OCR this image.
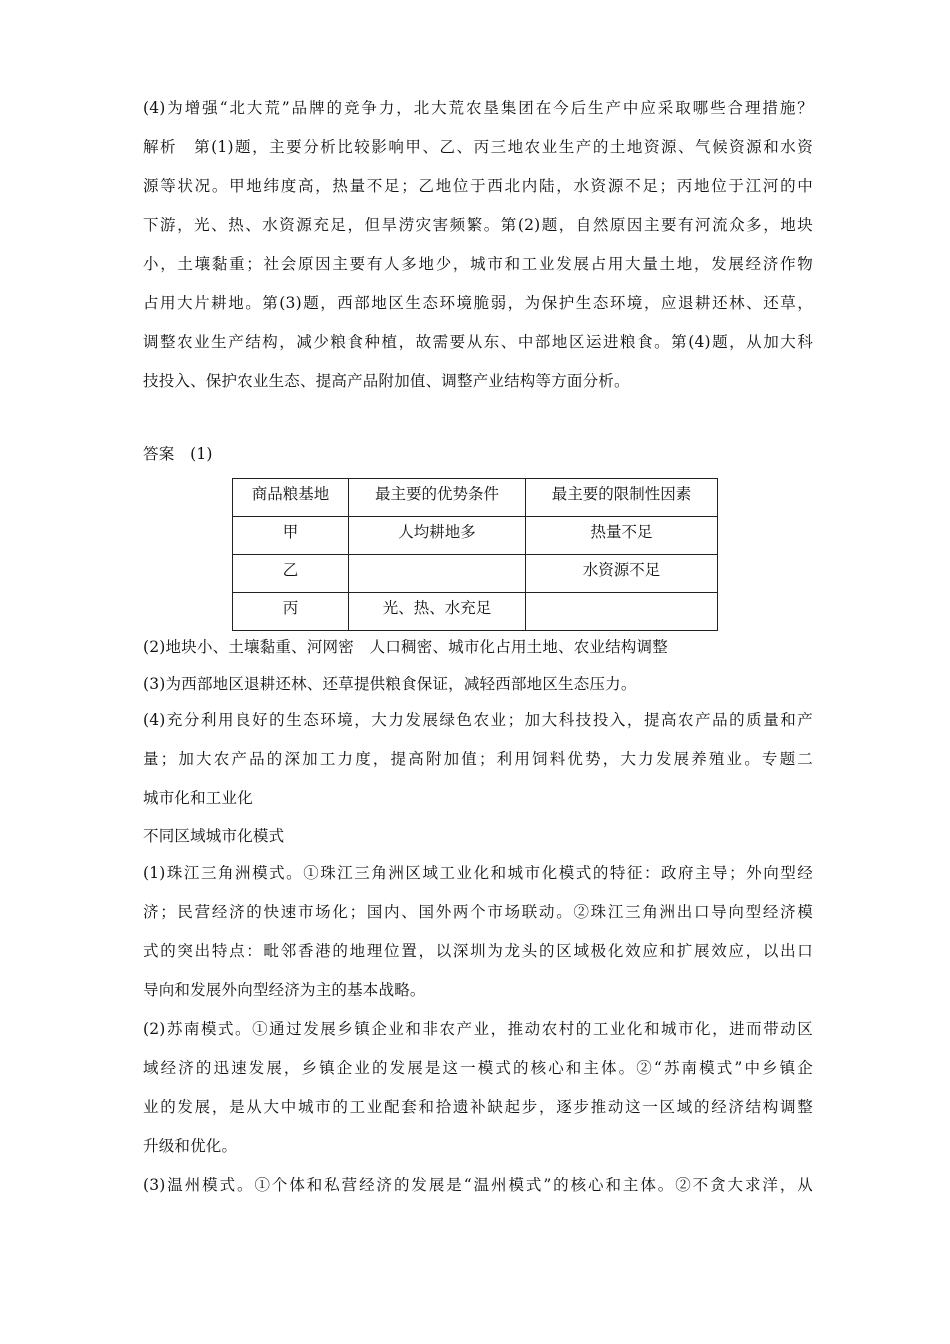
(4)为增强“北大荒”品牌的竞争力，北大荒农垦集团在今后生产中应采取哪些合理措施？
解析　第(1)题，主要分析比较影响甲、乙、丙三地农业生产的土地资源、气候资源和水资
源等状况。甲地纬度高，热量不足；乙地位于西北内陆，水资源不足；丙地位于江河的中
下游，光、热、水资源充足，但旱涝灾害频繁。第(2)题，自然原因主要有河流众多，地块
小，土壤黏重；社会原因主要有人多地少，城市和工业发展占用大量土地，发展经济作物
占用大片耕地。第(3)题，西部地区生态环境脆弱，为保护生态环境，应退耕还林、还草，
调整农业生产结构，减少粮食种植，故需要从东、中部地区运进粮食。第(4)题，从加大科
技投入、保护农业生态、提高产品附加值、调整产业结构等方面分析。
答案　(1)
商品粮基地	最主要的优势条件	最主要的限制性因素
甲	人均耕地多	热量不足
乙		水资源不足
丙	光、热、水充足	
(2)地块小、土壤黏重、河网密　人口稠密、城市化占用土地、农业结构调整
(3)为西部地区退耕还林、还草提供粮食保证，减轻西部地区生态压力。
(4)充分利用良好的生态环境，大力发展绿色农业；加大科技投入，提高农产品的质量和产
量；加大农产品的深加工力度，提高附加值；利用饲料优势，大力发展养殖业。专题二
城市化和工业化
不同区域城市化模式
(1)珠江三角洲模式。①珠江三角洲区域工业化和城市化模式的特征：政府主导；外向型经
济；民营经济的快速市场化；国内、国外两个市场联动。②珠江三角洲出口导向型经济模
式的突出特点：毗邻香港的地理位置，以深圳为龙头的区域极化效应和扩展效应，以出口
导向和发展外向型经济为主的基本战略。
(2)苏南模式。①通过发展乡镇企业和非农产业，推动农村的工业化和城市化，进而带动区
域经济的迅速发展，乡镇企业的发展是这一模式的核心和主体。②“苏南模式”中乡镇企
业的发展，是从大中城市的工业配套和拾遗补缺起步，逐步推动这一区域的经济结构调整
升级和优化。
(3)温州模式。①个体和私营经济的发展是“温州模式”的核心和主体。②不贪大求洋，从
